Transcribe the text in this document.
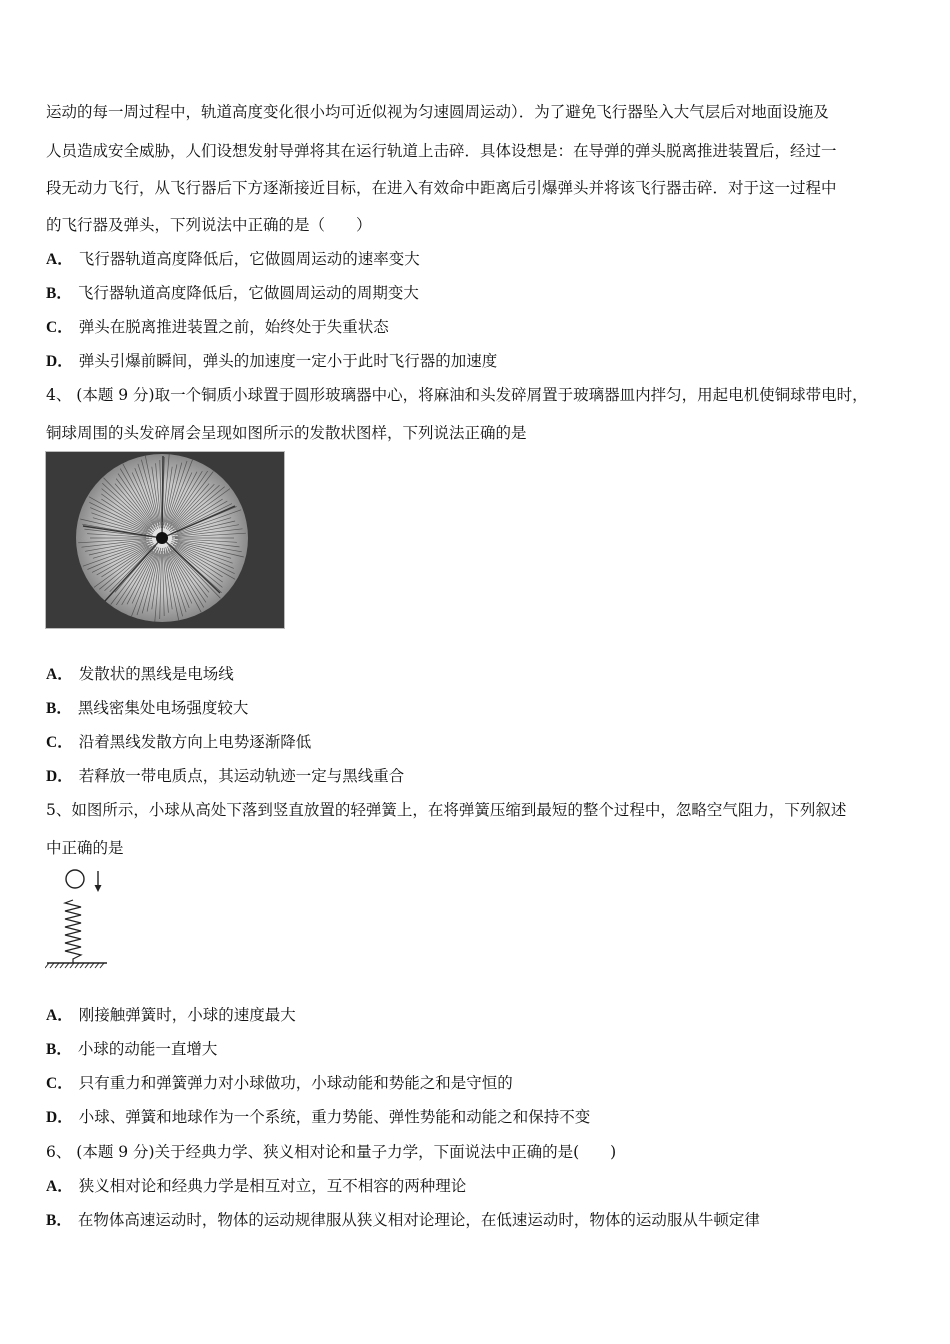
运动的每一周过程中，轨道高度变化很小均可近似视为匀速圆周运动）．为了避免飞行器坠入大气层后对地面设施及
人员造成安全威胁，人们设想发射导弹将其在运行轨道上击碎．具体设想是：在导弹的弹头脱离推进装置后，经过一
段无动力飞行，从飞行器后下方逐渐接近目标，在进入有效命中距离后引爆弹头并将该飞行器击碎．对于这一过程中
的飞行器及弹头，下列说法中正确的是（　　）
A． 飞行器轨道高度降低后，它做圆周运动的速率变大
B． 飞行器轨道高度降低后，它做圆周运动的周期变大
C． 弹头在脱离推进装置之前，始终处于失重状态
D． 弹头引爆前瞬间，弹头的加速度一定小于此时飞行器的加速度
4、 (本题 9 分)取一个铜质小球置于圆形玻璃器中心，将麻油和头发碎屑置于玻璃器皿内拌匀，用起电机使铜球带电时，
铜球周围的头发碎屑会呈现如图所示的发散状图样，下列说法正确的是
A． 发散状的黑线是电场线
B． 黑线密集处电场强度较大
C． 沿着黑线发散方向上电势逐渐降低
D． 若释放一带电质点，其运动轨迹一定与黑线重合
5、如图所示，小球从高处下落到竖直放置的轻弹簧上，在将弹簧压缩到最短的整个过程中，忽略空气阻力，下列叙述
中正确的是
A． 刚接触弹簧时，小球的速度最大
B． 小球的动能一直增大
C． 只有重力和弹簧弹力对小球做功，小球动能和势能之和是守恒的
D． 小球、弹簧和地球作为一个系统，重力势能、弹性势能和动能之和保持不变
6、 (本题 9 分)关于经典力学、狭义相对论和量子力学，下面说法中正确的是(　　)
A． 狭义相对论和经典力学是相互对立，互不相容的两种理论
B． 在物体高速运动时，物体的运动规律服从狭义相对论理论，在低速运动时，物体的运动服从牛顿定律
